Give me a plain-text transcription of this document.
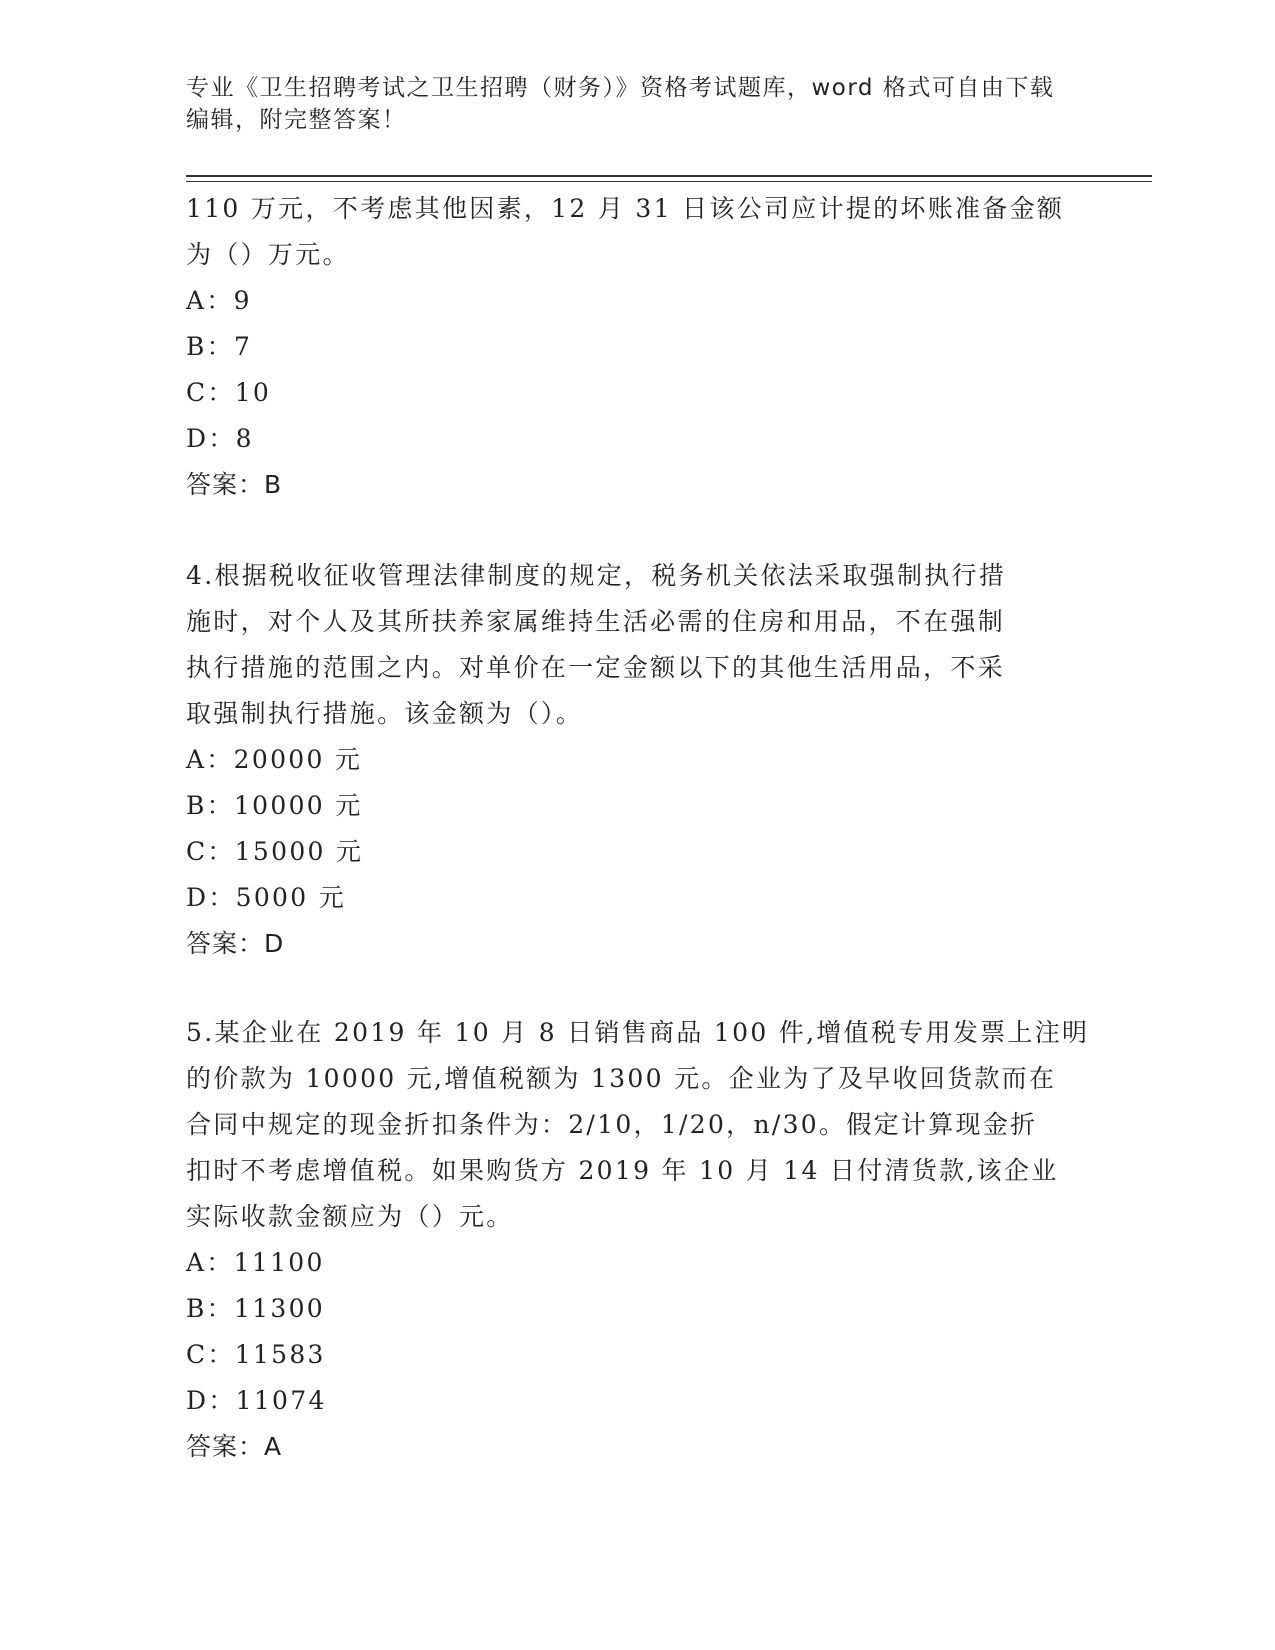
专业《卫生招聘考试之卫生招聘（财务）》资格考试题库，word 格式可自由下载
编辑，附完整答案！
110 万元，不考虑其他因素，12 月 31 日该公司应计提的坏账准备金额
为（）万元。
A：9
B：7
C：10
D：8
答案：B
4.根据税收征收管理法律制度的规定，税务机关依法采取强制执行措
施时，对个人及其所扶养家属维持生活必需的住房和用品，不在强制
执行措施的范围之内。对单价在一定金额以下的其他生活用品，不采
取强制执行措施。该金额为（）。
A：20000 元
B：10000 元
C：15000 元
D：5000 元
答案：D
5.某企业在 2019 年 10 月 8 日销售商品 100 件,增值税专用发票上注明
的价款为 10000 元,增值税额为 1300 元。企业为了及早收回货款而在
合同中规定的现金折扣条件为：2/10，1/20，n/30。假定计算现金折
扣时不考虑增值税。如果购货方 2019 年 10 月 14 日付清货款,该企业
实际收款金额应为（）元。
A：11100
B：11300
C：11583
D：11074
答案：A
